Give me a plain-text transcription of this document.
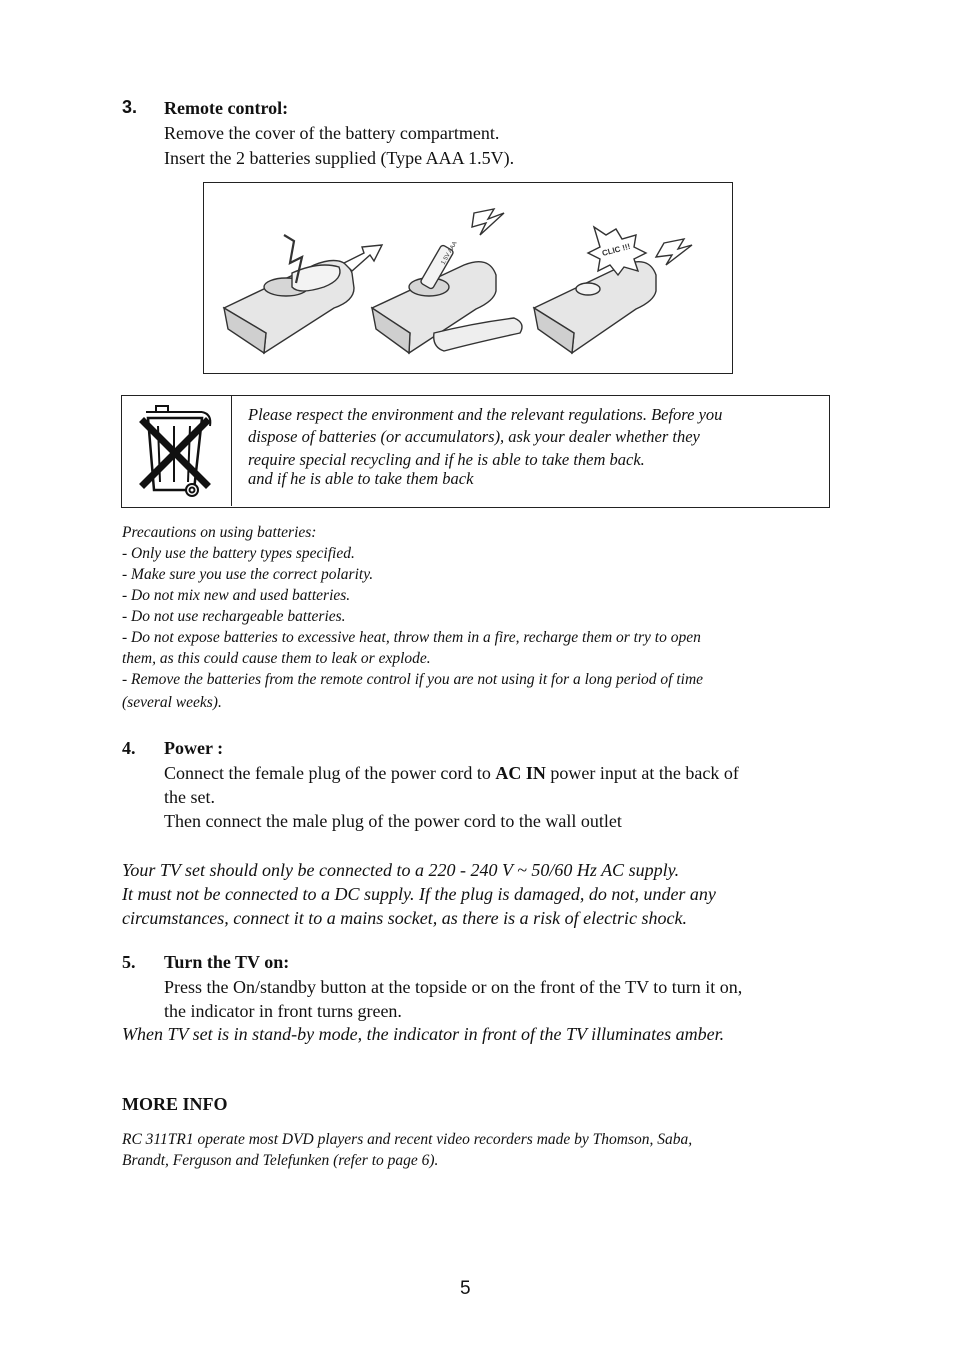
3.	Remote control:
Remove the cover of the battery compartment.
Insert the 2 batteries supplied (Type AAA 1.5V).
1.5V AAA	CLIC !!!
Please respect the environment and the relevant regulations. Before you
dispose of batteries (or accumulators), ask your dealer whether they
require special recycling and if he is able to take them back.
and if he is able to take them back
Precautions on using batteries:
- Only use the battery types specified.
- Make sure you use the correct polarity.
- Do not mix new and used batteries.
- Do not use rechargeable batteries.
- Do not expose batteries to excessive heat, throw them in a fire, recharge them or try to open
them, as this could cause them to leak or explode.
- Remove the batteries from the remote control if you are not using it for a long period of time
(several weeks).
4.	Power :
Connect the female plug of the power cord to AC IN power input at the back of
the set.
Then connect the male plug of the power cord to the wall outlet
Your TV set should only be connected to a 220 - 240 V ~ 50/60 Hz AC supply.
It must not be connected to a DC supply. If the plug is damaged, do not, under any
circumstances, connect it to a mains socket, as there is a risk of electric shock.
5.	Turn the TV on:
Press the On/standby button at the topside or on the front of the TV to turn it on,
the indicator in front turns green.
When TV set is in stand-by mode, the indicator in front of the TV illuminates amber.
MORE INFO
RC 311TR1 operate most DVD players and recent video recorders made by Thomson, Saba,
Brandt, Ferguson and Telefunken (refer to page 6).
5
